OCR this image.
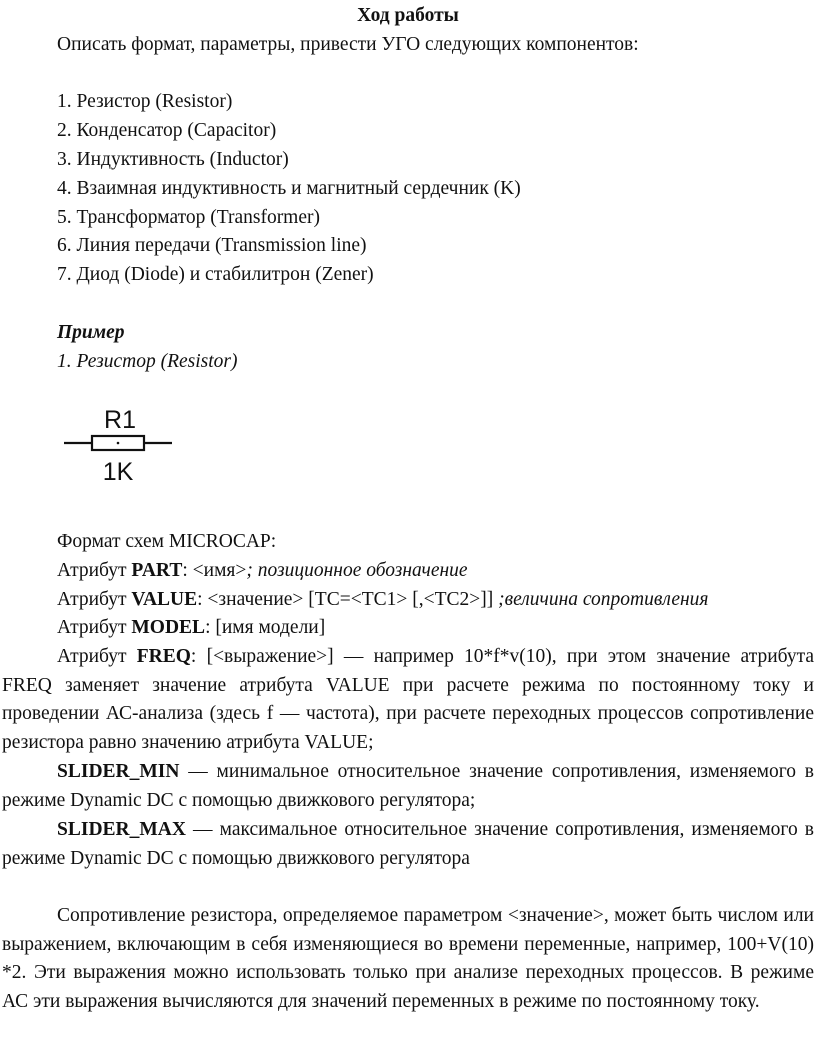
Ход работы
Описать формат, параметры, привести УГО следующих компонентов:
1. Резистор (Resistor)
2. Конденсатор (Capacitor)
3. Индуктивность (Inductor)
4. Взаимная индуктивность и магнитный сердечник (K)
5. Трансформатор (Transformer)
6. Линия передачи (Transmission line)
7. Диод (Diode) и стабилитрон (Zener)
Пример
1. Резистор (Resistor)
R1
1K
Формат схем MICROCAP:
Атрибут PART: <имя>; позиционное обозначение
Атрибут VALUE: <значение> [TC=<TC1> [,<TC2>]] ;величина сопротивления
Атрибут MODEL: [имя модели]
Атрибут FREQ: [<выражение>] — например 10*f*v(10), при этом значение атрибута FREQ заменяет значение атрибута VALUE при расчете режима по постоянному току и проведении АС-анализа (здесь f — частота), при расчете переходных процессов сопротивление резистора равно значению атрибута VALUE;
SLIDER_MIN — минимальное относительное значение сопротивления, изменяемого в режиме Dynamic DC с помощью движкового регулятора;
SLIDER_MAX — максимальное относительное значение сопротивления, изменяемого в режиме Dynamic DC с помощью движкового регулятора
Сопротивление резистора, определяемое параметром <значение>, может быть числом или выражением, включающим в себя изменяющиеся во времени переменные, например, 100+V(10) *2. Эти выражения можно использовать только при анализе переходных процессов. В режиме АС эти выражения вычисляются для значений переменных в режиме по постоянному току.
